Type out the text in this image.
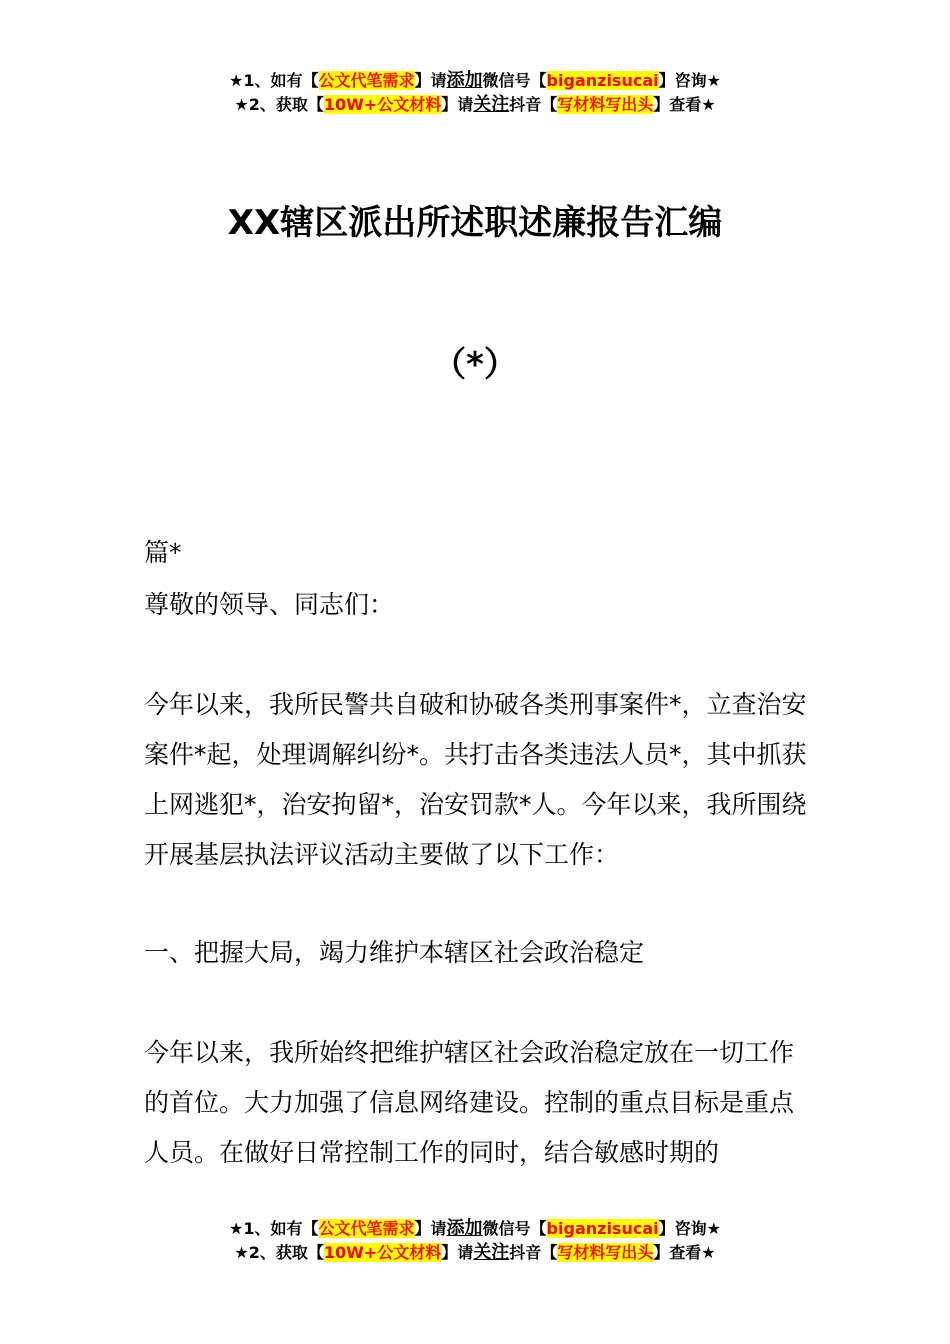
★1、如有【公文代笔需求】请添加微信号【biganzisucai】咨询★
★2、获取【10W+公文材料】请关注抖音【写材料写出头】查看★
XX辖区派出所述职述廉报告汇编
（*）

篇*

尊敬的领导、同志们：

今年以来，我所民警共自破和协破各类刑事案件*，立查治安案件*起，处理调解纠纷*。共打击各类违法人员*，其中抓获上网逃犯*，治安拘留*，治安罚款*人。今年以来，我所围绕开展基层执法评议活动主要做了以下工作：

一、把握大局，竭力维护本辖区社会政治稳定

今年以来，我所始终把维护辖区社会政治稳定放在一切工作的首位。大力加强了信息网络建设。控制的重点目标是重点人员。在做好日常控制工作的同时，结合敏感时期的

★1、如有【公文代笔需求】请添加微信号【biganzisucai】咨询★
★2、获取【10W+公文材料】请关注抖音【写材料写出头】查看★
